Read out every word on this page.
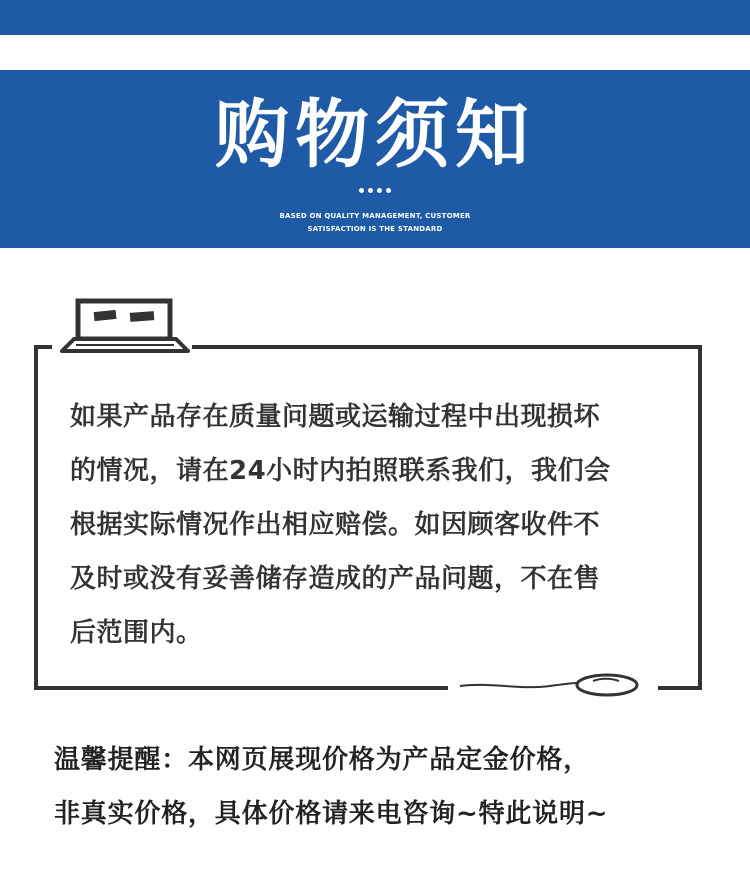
购物须知
BASED ON QUALITY MANAGEMENT, CUSTOMER
SATISFACTION IS THE STANDARD
如果产品存在质量问题或运输过程中出现损坏
的情况，请在24小时内拍照联系我们，我们会
根据实际情况作出相应赔偿。如因顾客收件不
及时或没有妥善储存造成的产品问题，不在售
后范围内。
温馨提醒：本网页展现价格为产品定金价格，
非真实价格，具体价格请来电咨询~特此说明~
